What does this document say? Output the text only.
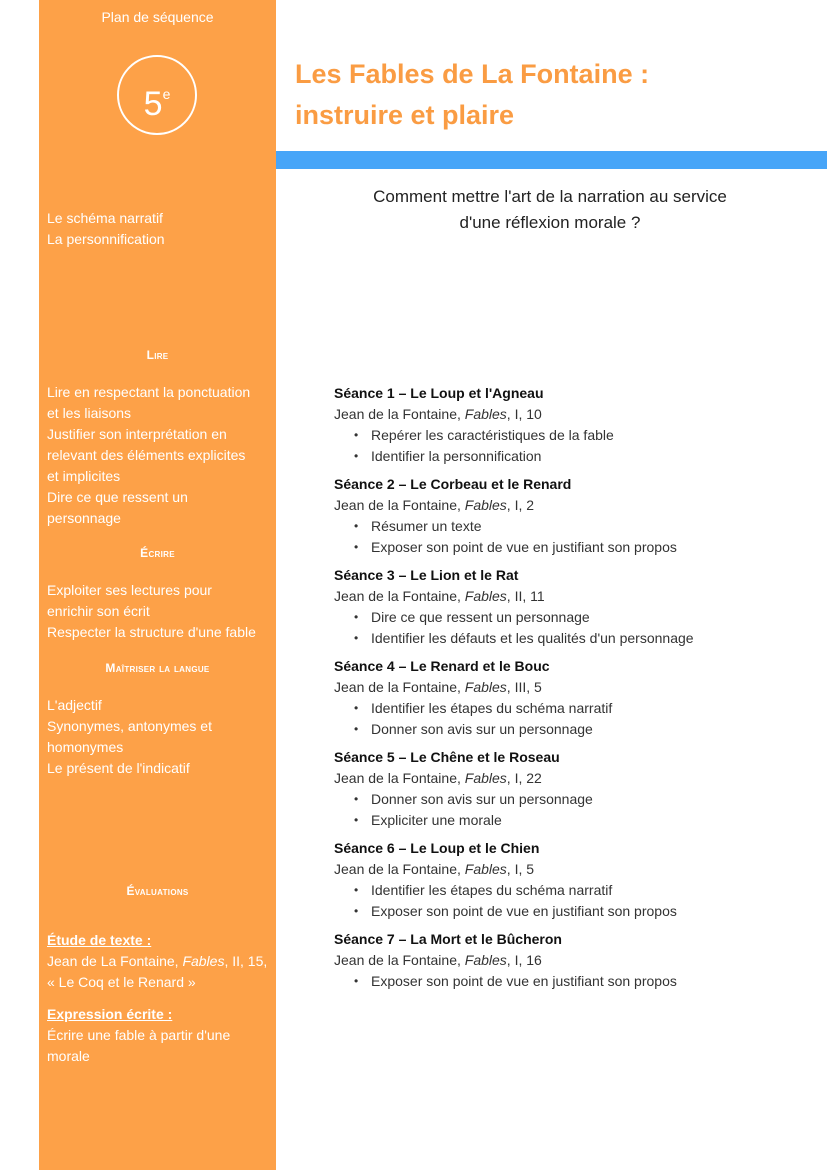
Plan de séquence
5e
Le schéma narratif
La personnification
Lire
Lire en respectant la ponctuation
et les liaisons
Justifier son interprétation en
relevant des éléments explicites
et implicites
Dire ce que ressent un
personnage
Écrire
Exploiter ses lectures pour
enrichir son écrit
Respecter la structure d'une fable
Maîtriser la langue
L'adjectif
Synonymes, antonymes et
homonymes
Le présent de l'indicatif
Évaluations
Étude de texte :
Jean de La Fontaine, Fables, II, 15,
« Le Coq et le Renard »
Expression écrite :
Écrire une fable à partir d'une
morale
Les Fables de La Fontaine :
instruire et plaire
Comment mettre l'art de la narration au service
d'une réflexion morale ?
Séance 1 – Le Loup et l'Agneau
Jean de la Fontaine, Fables, I, 10
• Repérer les caractéristiques de la fable
• Identifier la personnification
Séance 2 – Le Corbeau et le Renard
Jean de la Fontaine, Fables, I, 2
• Résumer un texte
• Exposer son point de vue en justifiant son propos
Séance 3 – Le Lion et le Rat
Jean de la Fontaine, Fables, II, 11
• Dire ce que ressent un personnage
• Identifier les défauts et les qualités d'un personnage
Séance 4 – Le Renard et le Bouc
Jean de la Fontaine, Fables, III, 5
• Identifier les étapes du schéma narratif
• Donner son avis sur un personnage
Séance 5 – Le Chêne et le Roseau
Jean de la Fontaine, Fables, I, 22
• Donner son avis sur un personnage
• Expliciter une morale
Séance 6 – Le Loup et le Chien
Jean de la Fontaine, Fables, I, 5
• Identifier les étapes du schéma narratif
• Exposer son point de vue en justifiant son propos
Séance 7 – La Mort et le Bûcheron
Jean de la Fontaine, Fables, I, 16
• Exposer son point de vue en justifiant son propos
